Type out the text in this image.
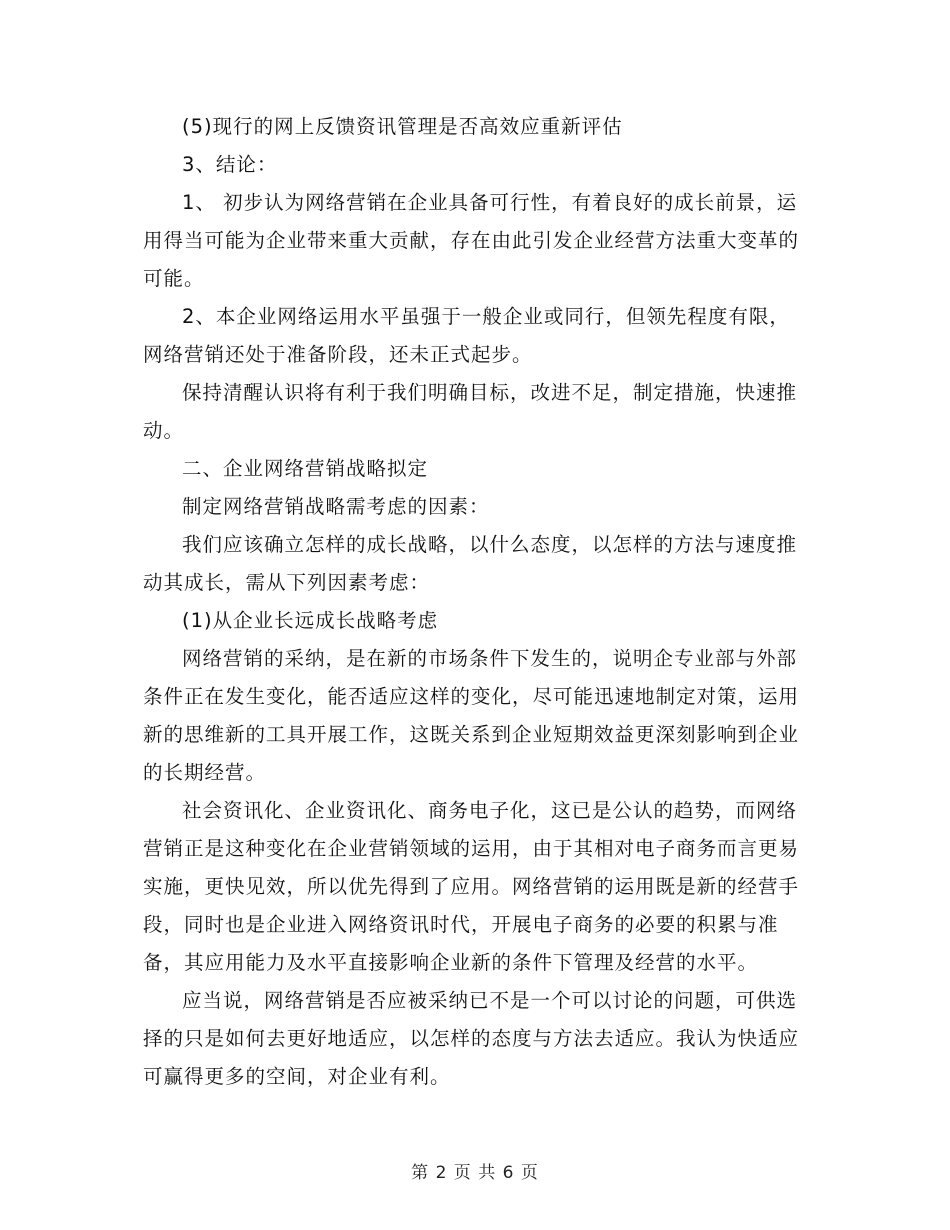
(5)现行的网上反馈资讯管理是否高效应重新评估

3、结论：

1、 初步认为网络营销在企业具备可行性，有着良好的成长前景，运用得当可能为企业带来重大贡献，存在由此引发企业经营方法重大变革的可能。

2、本企业网络运用水平虽强于一般企业或同行，但领先程度有限，网络营销还处于准备阶段，还未正式起步。

保持清醒认识将有利于我们明确目标，改进不足，制定措施，快速推动。

二、企业网络营销战略拟定

制定网络营销战略需考虑的因素：

我们应该确立怎样的成长战略，以什么态度，以怎样的方法与速度推动其成长，需从下列因素考虑：

(1)从企业长远成长战略考虑

网络营销的采纳，是在新的市场条件下发生的，说明企专业部与外部条件正在发生变化，能否适应这样的变化，尽可能迅速地制定对策，运用新的思维新的工具开展工作，这既关系到企业短期效益更深刻影响到企业的长期经营。

社会资讯化、企业资讯化、商务电子化，这已是公认的趋势，而网络营销正是这种变化在企业营销领域的运用，由于其相对电子商务而言更易实施，更快见效，所以优先得到了应用。网络营销的运用既是新的经营手段，同时也是企业进入网络资讯时代，开展电子商务的必要的积累与准备，其应用能力及水平直接影响企业新的条件下管理及经营的水平。

应当说，网络营销是否应被采纳已不是一个可以讨论的问题，可供选择的只是如何去更好地适应，以怎样的态度与方法去适应。我认为快适应可赢得更多的空间，对企业有利。

第 2 页 共 6 页
